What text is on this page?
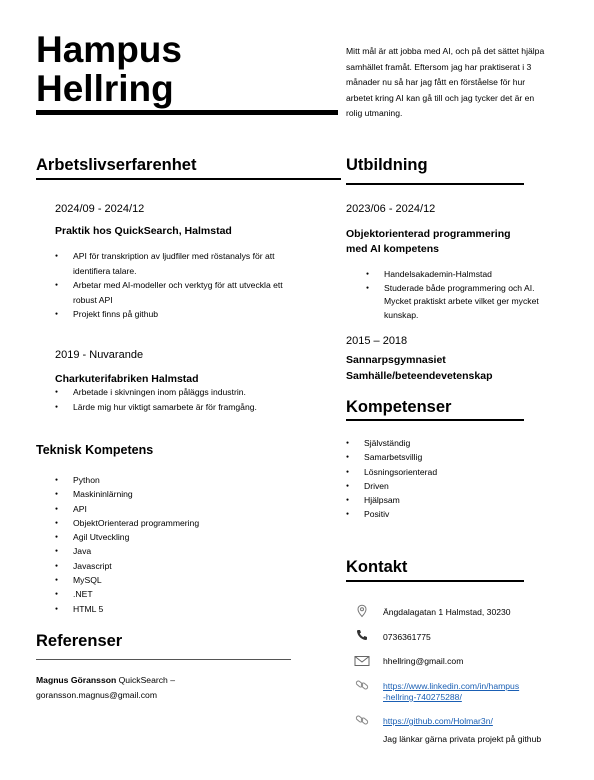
Hampus
Hellring
Mitt mål är att jobba med AI, och på det sättet hjälpa samhället framåt. Eftersom jag har praktiserat i 3 månader nu så har jag fått en förståelse för hur arbetet kring AI kan gå till och jag tycker det är en rolig utmaning.
Arbetslivserfarenhet
2024/09 - 2024/12
Praktik hos QuickSearch, Halmstad
● API för transkription av ljudfiler med röstanalys för att identifiera talare.
● Arbetar med AI-modeller och verktyg för att utveckla ett robust API
● Projekt finns på github
2019 - Nuvarande
Charkuterifabriken Halmstad
● Arbetade i skivningen inom påläggs industrin.
● Lärde mig hur viktigt samarbete är för framgång.
Teknisk Kompetens
● Python
● Maskininlärning
● API
● ObjektOrienterad programmering
● Agil Utveckling
● Java
● Javascript
● MySQL
● .NET
● HTML 5
Referenser
Magnus Göransson QuickSearch –
goransson.magnus@gmail.com
Utbildning
2023/06 - 2024/12
Objektorienterad programmering
med AI kompetens
● Handelsakademin-Halmstad
● Studerade både programmering och AI. Mycket praktiskt arbete vilket ger mycket kunskap.
2015 – 2018
Sannarpsgymnasiet
Samhälle/beteendevetenskap
Kompetenser
● Självständig
● Samarbetsvillig
● Lösningsorienterad
● Driven
● Hjälpsam
● Positiv
Kontakt
Ängdalagatan 1 Halmstad, 30230
0736361775
hhellring@gmail.com
https://www.linkedin.com/in/hampus
-hellring-740275288/
https://github.com/Holmar3n/
Jag länkar gärna privata projekt på github
